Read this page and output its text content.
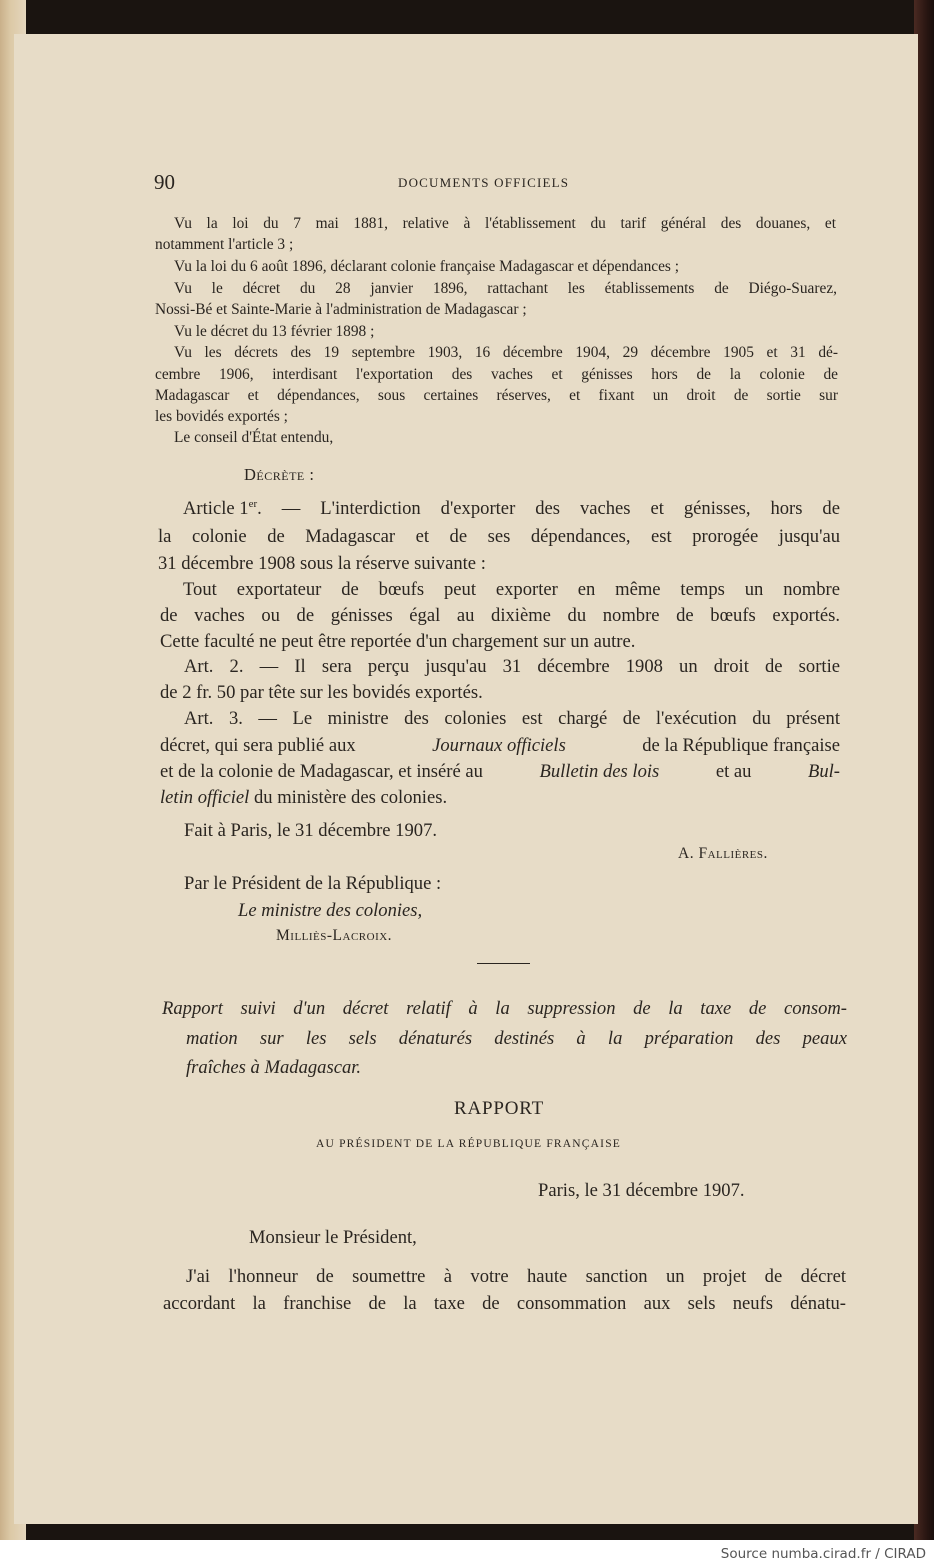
90	DOCUMENTS OFFICIELS
Vu la loi du 7 mai 1881, relative à l'établissement du tarif général des douanes, et
notamment l'article 3 ;
Vu la loi du 6 août 1896, déclarant colonie française Madagascar et dépendances ;
Vu le décret du 28 janvier 1896, rattachant les établissements de Diégo-Suarez,
Nossi-Bé et Sainte-Marie à l'administration de Madagascar ;
Vu le décret du 13 février 1898 ;
Vu les décrets des 19 septembre 1903, 16 décembre 1904, 29 décembre 1905 et 31 dé-
cembre 1906, interdisant l'exportation des vaches et génisses hors de la colonie de
Madagascar et dépendances, sous certaines réserves, et fixant un droit de sortie sur
les bovidés exportés ;
Le conseil d'État entendu,
Décrète :
Article 1er . — L'interdiction d'exporter des vaches et génisses, hors de
la colonie de Madagascar et de ses dépendances, est prorogée jusqu'au
31 décembre 1908 sous la réserve suivante :
Tout exportateur de bœufs peut exporter en même temps un nombre
de vaches ou de génisses égal au dixième du nombre de bœufs exportés.
Cette faculté ne peut être reportée d'un chargement sur un autre.
Art. 2. — Il sera perçu jusqu'au 31 décembre 1908 un droit de sortie
de 2 fr. 50 par tête sur les bovidés exportés.
Art. 3. — Le ministre des colonies est chargé de l'exécution du présent
décret, qui sera publié aux	Journaux officiels	de la République française
et de la colonie de Madagascar, et inséré au	Bulletin des lois	et au	Bul-
letin officiel du ministère des colonies.
Fait à Paris, le 31 décembre 1907.
A. Fallières.
Par le Président de la République :
Le ministre des colonies,
Milliès-Lacroix.
Rapport suivi d'un décret relatif à la suppression de la taxe de consom-
mation sur les sels dénaturés destinés à la préparation des peaux
fraîches à Madagascar.
RAPPORT
AU PRÉSIDENT DE LA RÉPUBLIQUE FRANÇAISE
Paris, le 31 décembre 1907.
Monsieur le Président,
J'ai l'honneur de soumettre à votre haute sanction un projet de décret
accordant la franchise de la taxe de consommation aux sels neufs dénatu-
Source numba.cirad.fr / CIRAD
